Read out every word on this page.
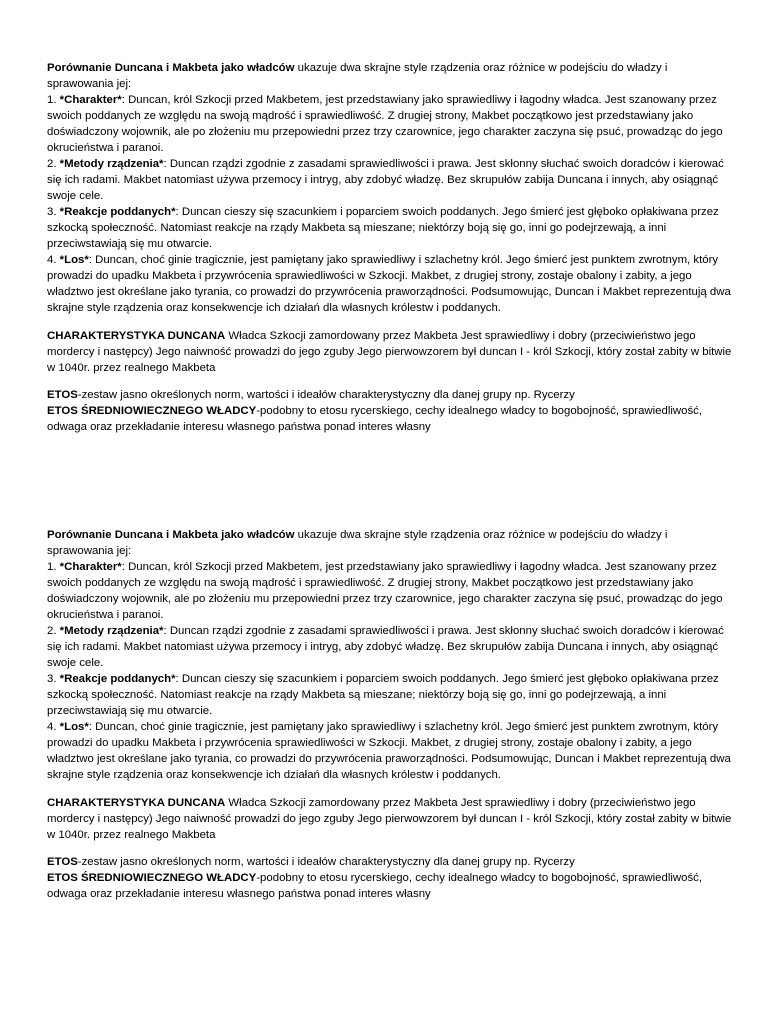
Porównanie Duncana i Makbeta jako władców ukazuje dwa skrajne style rządzenia oraz różnice w podejściu do władzy i sprawowania jej:

1. *Charakter*: Duncan, król Szkocji przed Makbetem, jest przedstawiany jako sprawiedliwy i łagodny władca. Jest szanowany przez swoich poddanych ze względu na swoją mądrość i sprawiedliwość. Z drugiej strony, Makbet początkowo jest przedstawiany jako doświadczony wojownik, ale po złożeniu mu przepowiedni przez trzy czarownice, jego charakter zaczyna się psuć, prowadząc do jego okrucieństwa i paranoi.

2. *Metody rządzenia*: Duncan rządzi zgodnie z zasadami sprawiedliwości i prawa. Jest skłonny słuchać swoich doradców i kierować się ich radami. Makbet natomiast używa przemocy i intryg, aby zdobyć władzę. Bez skrupułów zabija Duncana i innych, aby osiągnąć swoje cele.

3. *Reakcje poddanych*: Duncan cieszy się szacunkiem i poparciem swoich poddanych. Jego śmierć jest głęboko opłakiwana przez szkocką społeczność. Natomiast reakcje na rządy Makbeta są mieszane; niektórzy boją się go, inni go podejrzewają, a inni przeciwstawiają się mu otwarcie.

4. *Los*: Duncan, choć ginie tragicznie, jest pamiętany jako sprawiedliwy i szlachetny król. Jego śmierć jest punktem zwrotnym, który prowadzi do upadku Makbeta i przywrócenia sprawiedliwości w Szkocji. Makbet, z drugiej strony, zostaje obalony i zabity, a jego władztwo jest określane jako tyrania, co prowadzi do przywrócenia praworządności. Podsumowując, Duncan i Makbet reprezentują dwa skrajne style rządzenia oraz konsekwencje ich działań dla własnych królestw i poddanych.

CHARAKTERYSTYKA DUNCANA Władca Szkocji zamordowany przez Makbeta Jest sprawiedliwy i dobry (przeciwieństwo jego mordercy i następcy) Jego naiwność prowadzi do jego zguby Jego pierwowzorem był duncan I - król Szkocji, który został zabity w bitwie w 1040r. przez realnego Makbeta

ETOS-zestaw jasno określonych norm, wartości i ideałów charakterystyczny dla danej grupy np. Rycerzy

ETOS ŚREDNIOWIECZNEGO WŁADCY-podobny to etosu rycerskiego, cechy idealnego władcy to bogobojność, sprawiedliwość, odwaga oraz przekładanie interesu własnego państwa ponad interes własny

Porównanie Duncana i Makbeta jako władców ukazuje dwa skrajne style rządzenia oraz różnice w podejściu do władzy i sprawowania jej:

1. *Charakter*: Duncan, król Szkocji przed Makbetem, jest przedstawiany jako sprawiedliwy i łagodny władca. Jest szanowany przez swoich poddanych ze względu na swoją mądrość i sprawiedliwość. Z drugiej strony, Makbet początkowo jest przedstawiany jako doświadczony wojownik, ale po złożeniu mu przepowiedni przez trzy czarownice, jego charakter zaczyna się psuć, prowadząc do jego okrucieństwa i paranoi.

2. *Metody rządzenia*: Duncan rządzi zgodnie z zasadami sprawiedliwości i prawa. Jest skłonny słuchać swoich doradców i kierować się ich radami. Makbet natomiast używa przemocy i intryg, aby zdobyć władzę. Bez skrupułów zabija Duncana i innych, aby osiągnąć swoje cele.

3. *Reakcje poddanych*: Duncan cieszy się szacunkiem i poparciem swoich poddanych. Jego śmierć jest głęboko opłakiwana przez szkocką społeczność. Natomiast reakcje na rządy Makbeta są mieszane; niektórzy boją się go, inni go podejrzewają, a inni przeciwstawiają się mu otwarcie.

4. *Los*: Duncan, choć ginie tragicznie, jest pamiętany jako sprawiedliwy i szlachetny król. Jego śmierć jest punktem zwrotnym, który prowadzi do upadku Makbeta i przywrócenia sprawiedliwości w Szkocji. Makbet, z drugiej strony, zostaje obalony i zabity, a jego władztwo jest określane jako tyrania, co prowadzi do przywrócenia praworządności. Podsumowując, Duncan i Makbet reprezentują dwa skrajne style rządzenia oraz konsekwencje ich działań dla własnych królestw i poddanych.

CHARAKTERYSTYKA DUNCANA Władca Szkocji zamordowany przez Makbeta Jest sprawiedliwy i dobry (przeciwieństwo jego mordercy i następcy) Jego naiwność prowadzi do jego zguby Jego pierwowzorem był duncan I - król Szkocji, który został zabity w bitwie w 1040r. przez realnego Makbeta

ETOS-zestaw jasno określonych norm, wartości i ideałów charakterystyczny dla danej grupy np. Rycerzy

ETOS ŚREDNIOWIECZNEGO WŁADCY-podobny to etosu rycerskiego, cechy idealnego władcy to bogobojność, sprawiedliwość, odwaga oraz przekładanie interesu własnego państwa ponad interes własny
